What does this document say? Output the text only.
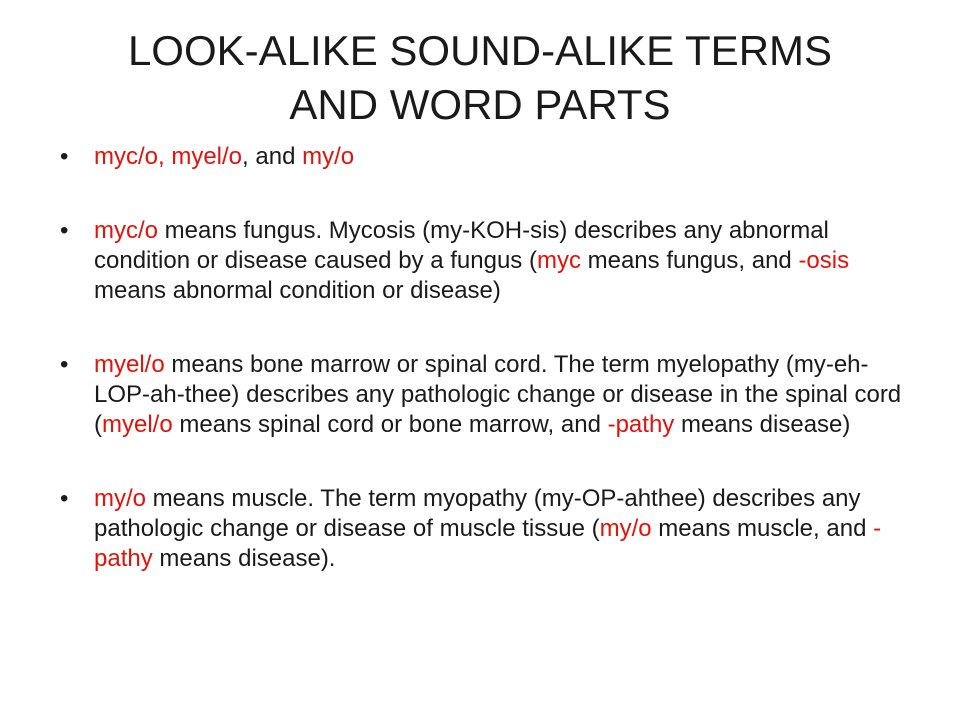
LOOK-ALIKE SOUND-ALIKE TERMS
AND WORD PARTS
• myc/o, myel/o, and my/o
• myc/o means fungus. Mycosis (my-KOH-sis) describes any abnormal condition or disease caused by a fungus (myc means fungus, and -osis means abnormal condition or disease)
• myel/o means bone marrow or spinal cord. The term myelopathy (my-eh-LOP-ah-thee) describes any pathologic change or disease in the spinal cord (myel/o means spinal cord or bone marrow, and -pathy means disease)
• my/o means muscle. The term myopathy (my-OP-ahthee) describes any pathologic change or disease of muscle tissue (my/o means muscle, and -pathy means disease).
